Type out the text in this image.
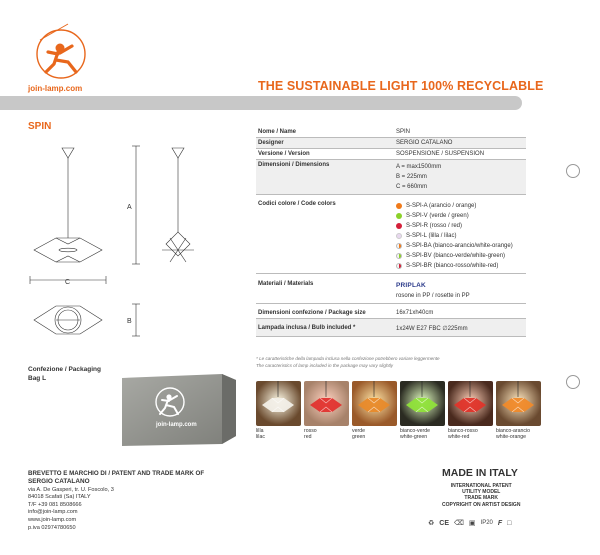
join-lamp.com	THE SUSTAINABLE LIGHT 100% RECYCLABLE
SPIN
A
C
B
Nome / Name	SPIN
Designer	SERGIO CATALANO
Versione / Version	SOSPENSIONE / SUSPENSION
Dimensioni / Dimensions	A = max1500mm
B = 225mm
C = 660mm
Codici colore / Code colors	S-SPI-A (arancio / orange)
S-SPI-V (verde / green)
S-SPI-R (rosso / red)
S-SPI-L (lilla / lilac)
S-SPI-BA (bianco-arancio/white-orange)
S-SPI-BV (bianco-verde/white-green)
S-SPI-BR (bianco-rosso/white-red)
Materiali / Materials	PRIPLAK
rosone in PP / rosette in PP
Dimensioni confezione / Package size	16x71xh40cm
Lampada inclusa / Bulb included *	1x24W E27 FBC ∅225mm
* Le caratteristiche della lampada inclusa nella confezione potrebbero variare leggermente
The caracteristics of lamp included in the package may vary slightly
Confezione / Packaging
Bag L
join-lamp.com
lilla
lilac
rosso
red
verde
green
bianco-verde
white-green
bianco-rosso
white-red
bianco-arancio
white-orange
BREVETTO E MARCHIO DI / PATENT AND TRADE MARK OF
SERGIO CATALANO
via A. De Gasperi, tr. U. Foscolo, 3
84018 Scafati (Sa) ITALY
T/F +39 081 8508666
info@join-lamp.com
www.join-lamp.com
p.iva 02974780650
MADE IN ITALY
INTERNATIONAL PATENT
UTILITY MODEL
TRADE MARK
COPYRIGHT ON ARTIST DESIGN
♻ CE ⌫ ▣ IP20 F □
